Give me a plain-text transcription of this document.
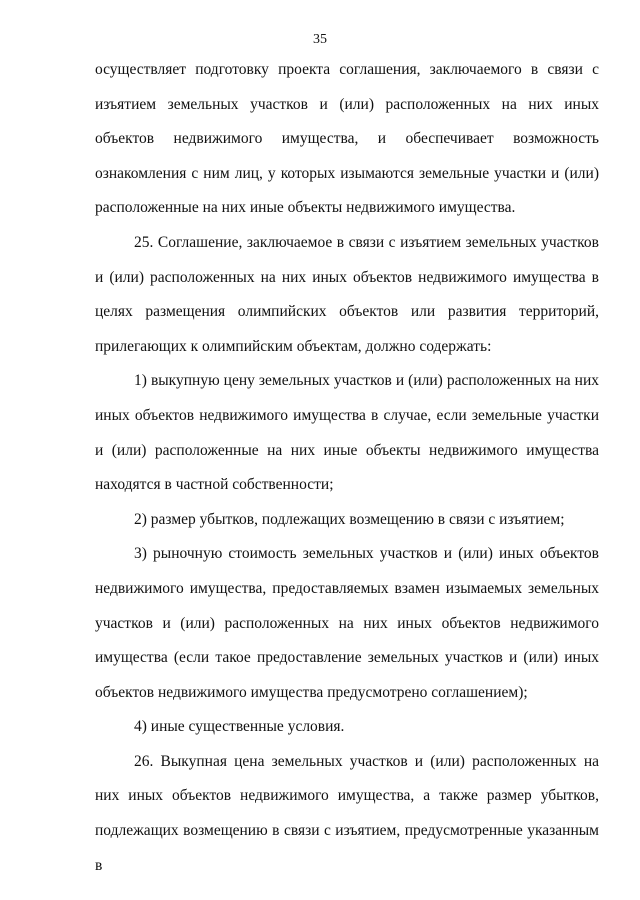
35

осуществляет подготовку проекта соглашения, заключаемого в связи с изъятием земельных участков и (или) расположенных на них иных объектов недвижимого имущества, и обеспечивает возможность ознакомления с ним лиц, у которых изымаются земельные участки и (или) расположенные на них иные объекты недвижимого имущества.

25. Соглашение, заключаемое в связи с изъятием земельных участков и (или) расположенных на них иных объектов недвижимого имущества в целях размещения олимпийских объектов или развития территорий, прилегающих к олимпийским объектам, должно содержать:

1) выкупную цену земельных участков и (или) расположенных на них иных объектов недвижимого имущества в случае, если земельные участки и (или) расположенные на них иные объекты недвижимого имущества находятся в частной собственности;

2) размер убытков, подлежащих возмещению в связи с изъятием;

3) рыночную стоимость земельных участков и (или) иных объектов недвижимого имущества, предоставляемых взамен изымаемых земельных участков и (или) расположенных на них иных объектов недвижимого имущества (если такое предоставление земельных участков и (или) иных объектов недвижимого имущества предусмотрено соглашением);

4) иные существенные условия.

26. Выкупная цена земельных участков и (или) расположенных на них иных объектов недвижимого имущества, а также размер убытков, подлежащих возмещению в связи с изъятием, предусмотренные указанным в
